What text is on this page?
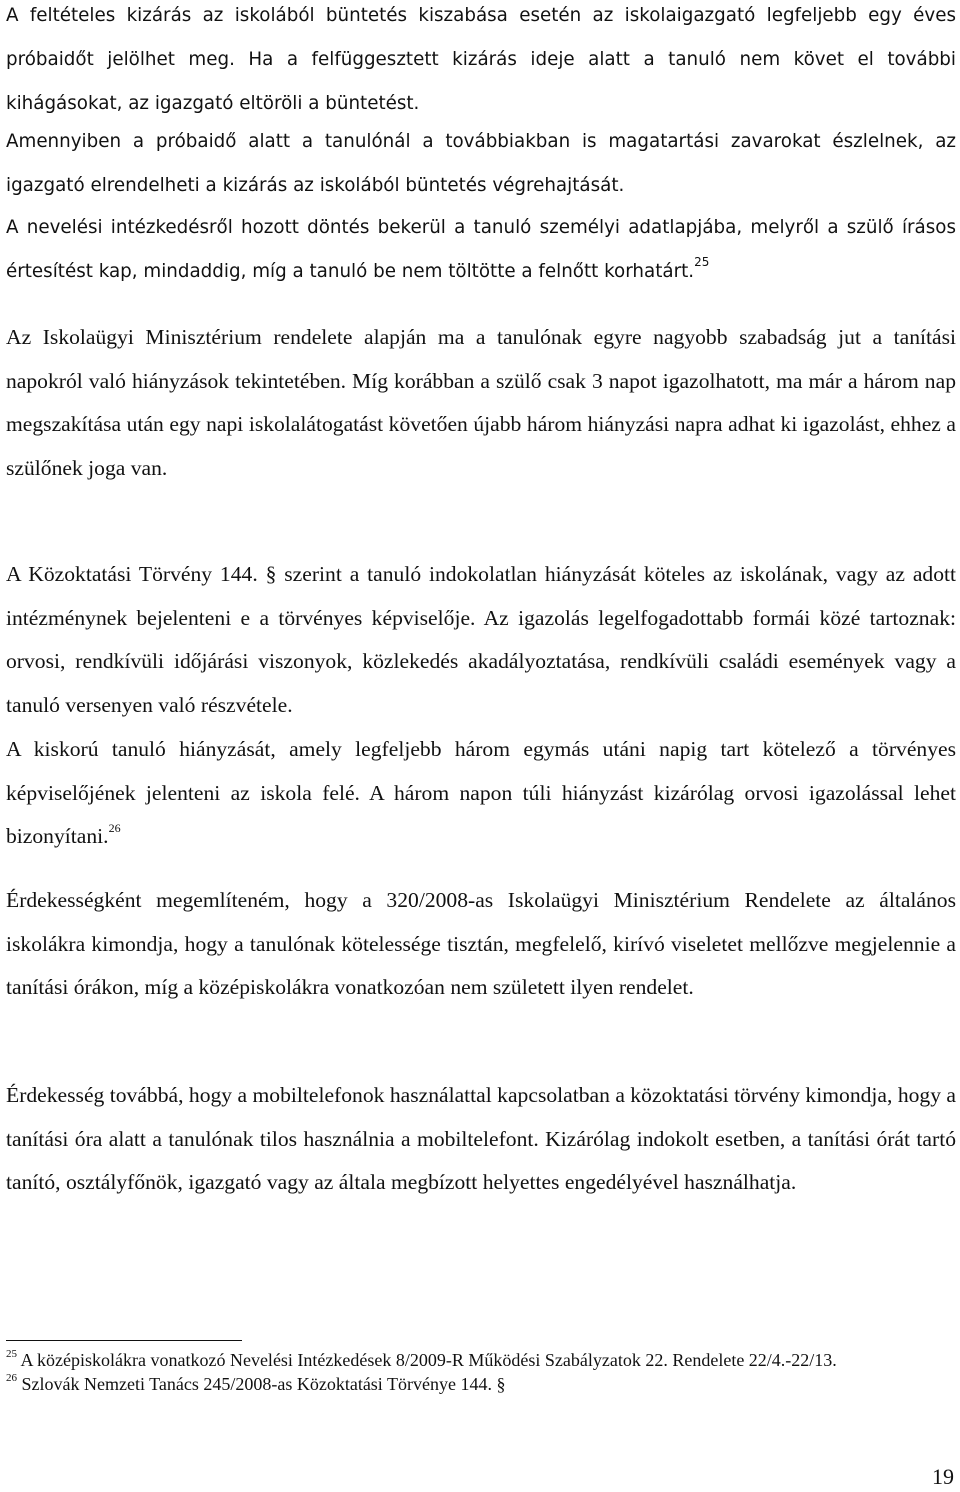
A feltételes kizárás az iskolából büntetés kiszabása esetén az iskolaigazgató legfeljebb egy éves próbaidőt jelölhet meg. Ha a felfüggesztett kizárás ideje alatt a tanuló nem követ el további kihágásokat, az igazgató eltöröli a büntetést.

Amennyiben a próbaidő alatt a tanulónál a továbbiakban is magatartási zavarokat észlelnek, az igazgató elrendelheti a kizárás az iskolából büntetés végrehajtását.

A nevelési intézkedésről hozott döntés bekerül a tanuló személyi adatlapjába, melyről a szülő írásos értesítést kap, mindaddig, míg a tanuló be nem töltötte a felnőtt korhatárt.$^{25}$

Az Iskolaügyi Minisztérium rendelete alapján ma a tanulónak egyre nagyobb szabadság jut a tanítási napokról való hiányzások tekintetében. Míg korábban a szülő csak 3 napot igazolhatott, ma már a három nap megszakítása után egy napi iskolalátogatást követően újabb három hiányzási napra adhat ki igazolást, ehhez a szülőnek joga van.

A Közoktatási Törvény 144. § szerint a tanuló indokolatlan hiányzását köteles az iskolának, vagy az adott intézménynek bejelenteni e a törvényes képviselője. Az igazolás legelfogadottabb formái közé tartoznak: orvosi, rendkívüli időjárási viszonyok, közlekedés akadályoztatása, rendkívüli családi események vagy a tanuló versenyen való részvétele.

A kiskorú tanuló hiányzását, amely legfeljebb három egymás utáni napig tart kötelező a törvényes képviselőjének jelenteni az iskola felé. A három napon túli hiányzást kizárólag orvosi igazolással lehet bizonyítani.$^{26}$

Érdekességként megemlíteném, hogy a 320/2008-as Iskolaügyi Minisztérium Rendelete az általános iskolákra kimondja, hogy a tanulónak kötelessége tisztán, megfelelő, kirívó viseletet mellőzve megjelennie a tanítási órákon, míg a középiskolákra vonatkozóan nem született ilyen rendelet.

Érdekesség továbbá, hogy a mobiltelefonok használattal kapcsolatban a közoktatási törvény kimondja, hogy a tanítási óra alatt a tanulónak tilos használnia a mobiltelefont. Kizárólag indokolt esetben, a tanítási órát tartó tanító, osztályfőnök, igazgató vagy az általa megbízott helyettes engedélyével használhatja.

$^{25}$ A középiskolákra vonatkozó Nevelési Intézkedések 8/2009-R Működési Szabályzatok 22. Rendelete 22/4.-22/13.

$^{26}$ Szlovák Nemzeti Tanács 245/2008-as Közoktatási Törvénye 144. §

19
